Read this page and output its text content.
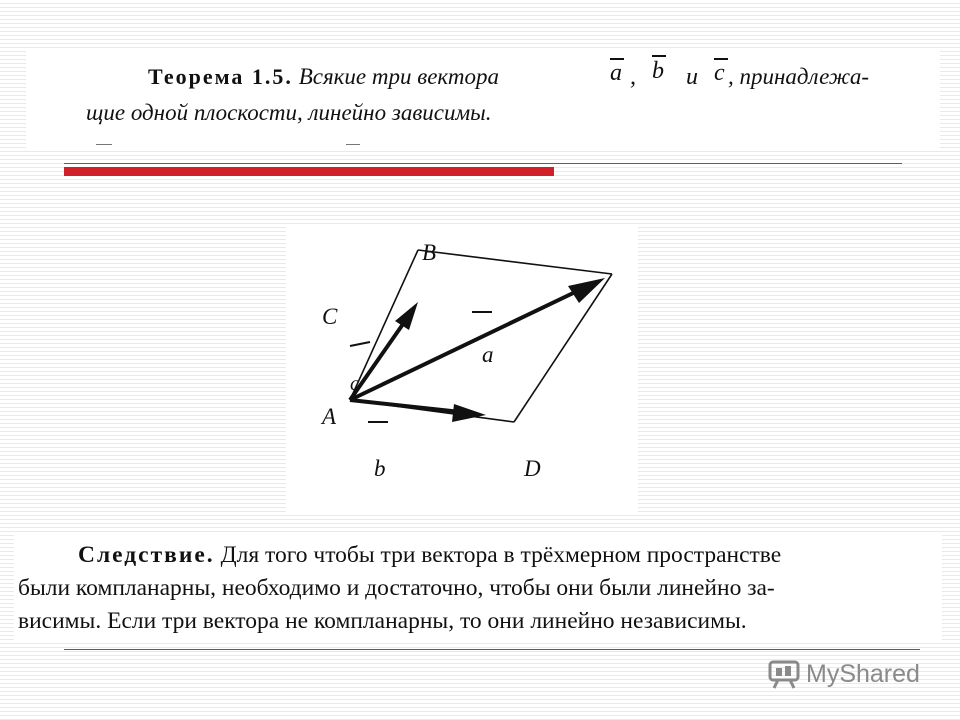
Теорема 1.5. Всякие три вектора	a , b и c , принадлежа-
щие одной плоскости, линейно зависимы.
B
C
A
D
a
b
c
Следствие. Для того чтобы три вектора в трёхмерном пространстве
были компланарны, необходимо и достаточно, чтобы они были линейно за-
висимы. Если три вектора не компланарны, то они линейно независимы.
MyShared
